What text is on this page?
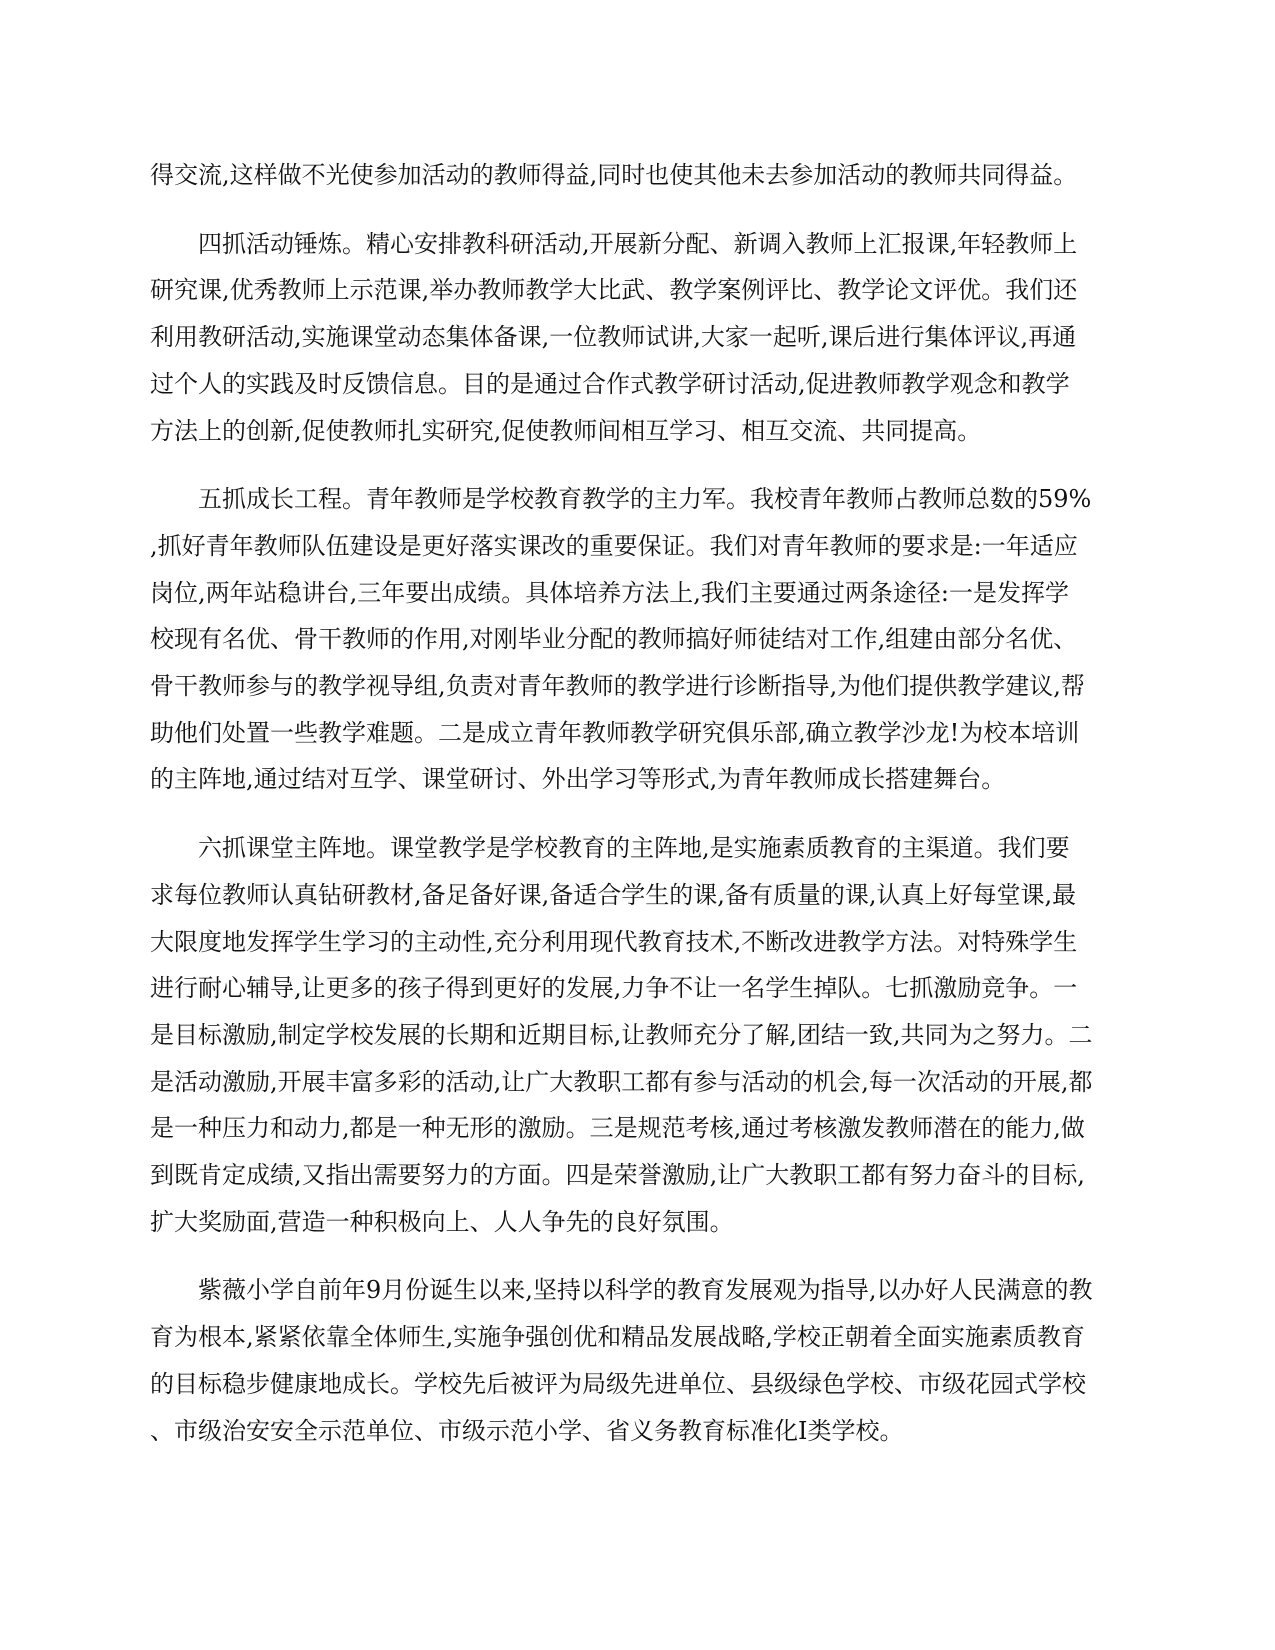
得交流,这样做不光使参加活动的教师得益,同时也使其他未去参加活动的教师共同得益。

　　四抓活动锤炼。精心安排教科研活动,开展新分配、新调入教师上汇报课,年轻教师上
研究课,优秀教师上示范课,举办教师教学大比武、教学案例评比、教学论文评优。我们还
利用教研活动,实施课堂动态集体备课,一位教师试讲,大家一起听,课后进行集体评议,再通
过个人的实践及时反馈信息。目的是通过合作式教学研讨活动,促进教师教学观念和教学
方法上的创新,促使教师扎实研究,促使教师间相互学习、相互交流、共同提高。

　　五抓成长工程。青年教师是学校教育教学的主力军。我校青年教师占教师总数的59%
,抓好青年教师队伍建设是更好落实课改的重要保证。我们对青年教师的要求是:一年适应
岗位,两年站稳讲台,三年要出成绩。具体培养方法上,我们主要通过两条途径:一是发挥学
校现有名优、骨干教师的作用,对刚毕业分配的教师搞好师徒结对工作,组建由部分名优、
骨干教师参与的教学视导组,负责对青年教师的教学进行诊断指导,为他们提供教学建议,帮
助他们处置一些教学难题。二是成立青年教师教学研究俱乐部,确立教学沙龙!为校本培训
的主阵地,通过结对互学、课堂研讨、外出学习等形式,为青年教师成长搭建舞台。

　　六抓课堂主阵地。课堂教学是学校教育的主阵地,是实施素质教育的主渠道。我们要
求每位教师认真钻研教材,备足备好课,备适合学生的课,备有质量的课,认真上好每堂课,最
大限度地发挥学生学习的主动性,充分利用现代教育技术,不断改进教学方法。对特殊学生
进行耐心辅导,让更多的孩子得到更好的发展,力争不让一名学生掉队。七抓激励竞争。一
是目标激励,制定学校发展的长期和近期目标,让教师充分了解,团结一致,共同为之努力。二
是活动激励,开展丰富多彩的活动,让广大教职工都有参与活动的机会,每一次活动的开展,都
是一种压力和动力,都是一种无形的激励。三是规范考核,通过考核激发教师潜在的能力,做
到既肯定成绩,又指出需要努力的方面。四是荣誉激励,让广大教职工都有努力奋斗的目标,
扩大奖励面,营造一种积极向上、人人争先的良好氛围。

　　紫薇小学自前年9月份诞生以来,坚持以科学的教育发展观为指导,以办好人民满意的教
育为根本,紧紧依靠全体师生,实施争强创优和精品发展战略,学校正朝着全面实施素质教育
的目标稳步健康地成长。学校先后被评为局级先进单位、县级绿色学校、市级花园式学校
、市级治安安全示范单位、市级示范小学、省义务教育标准化I类学校。
